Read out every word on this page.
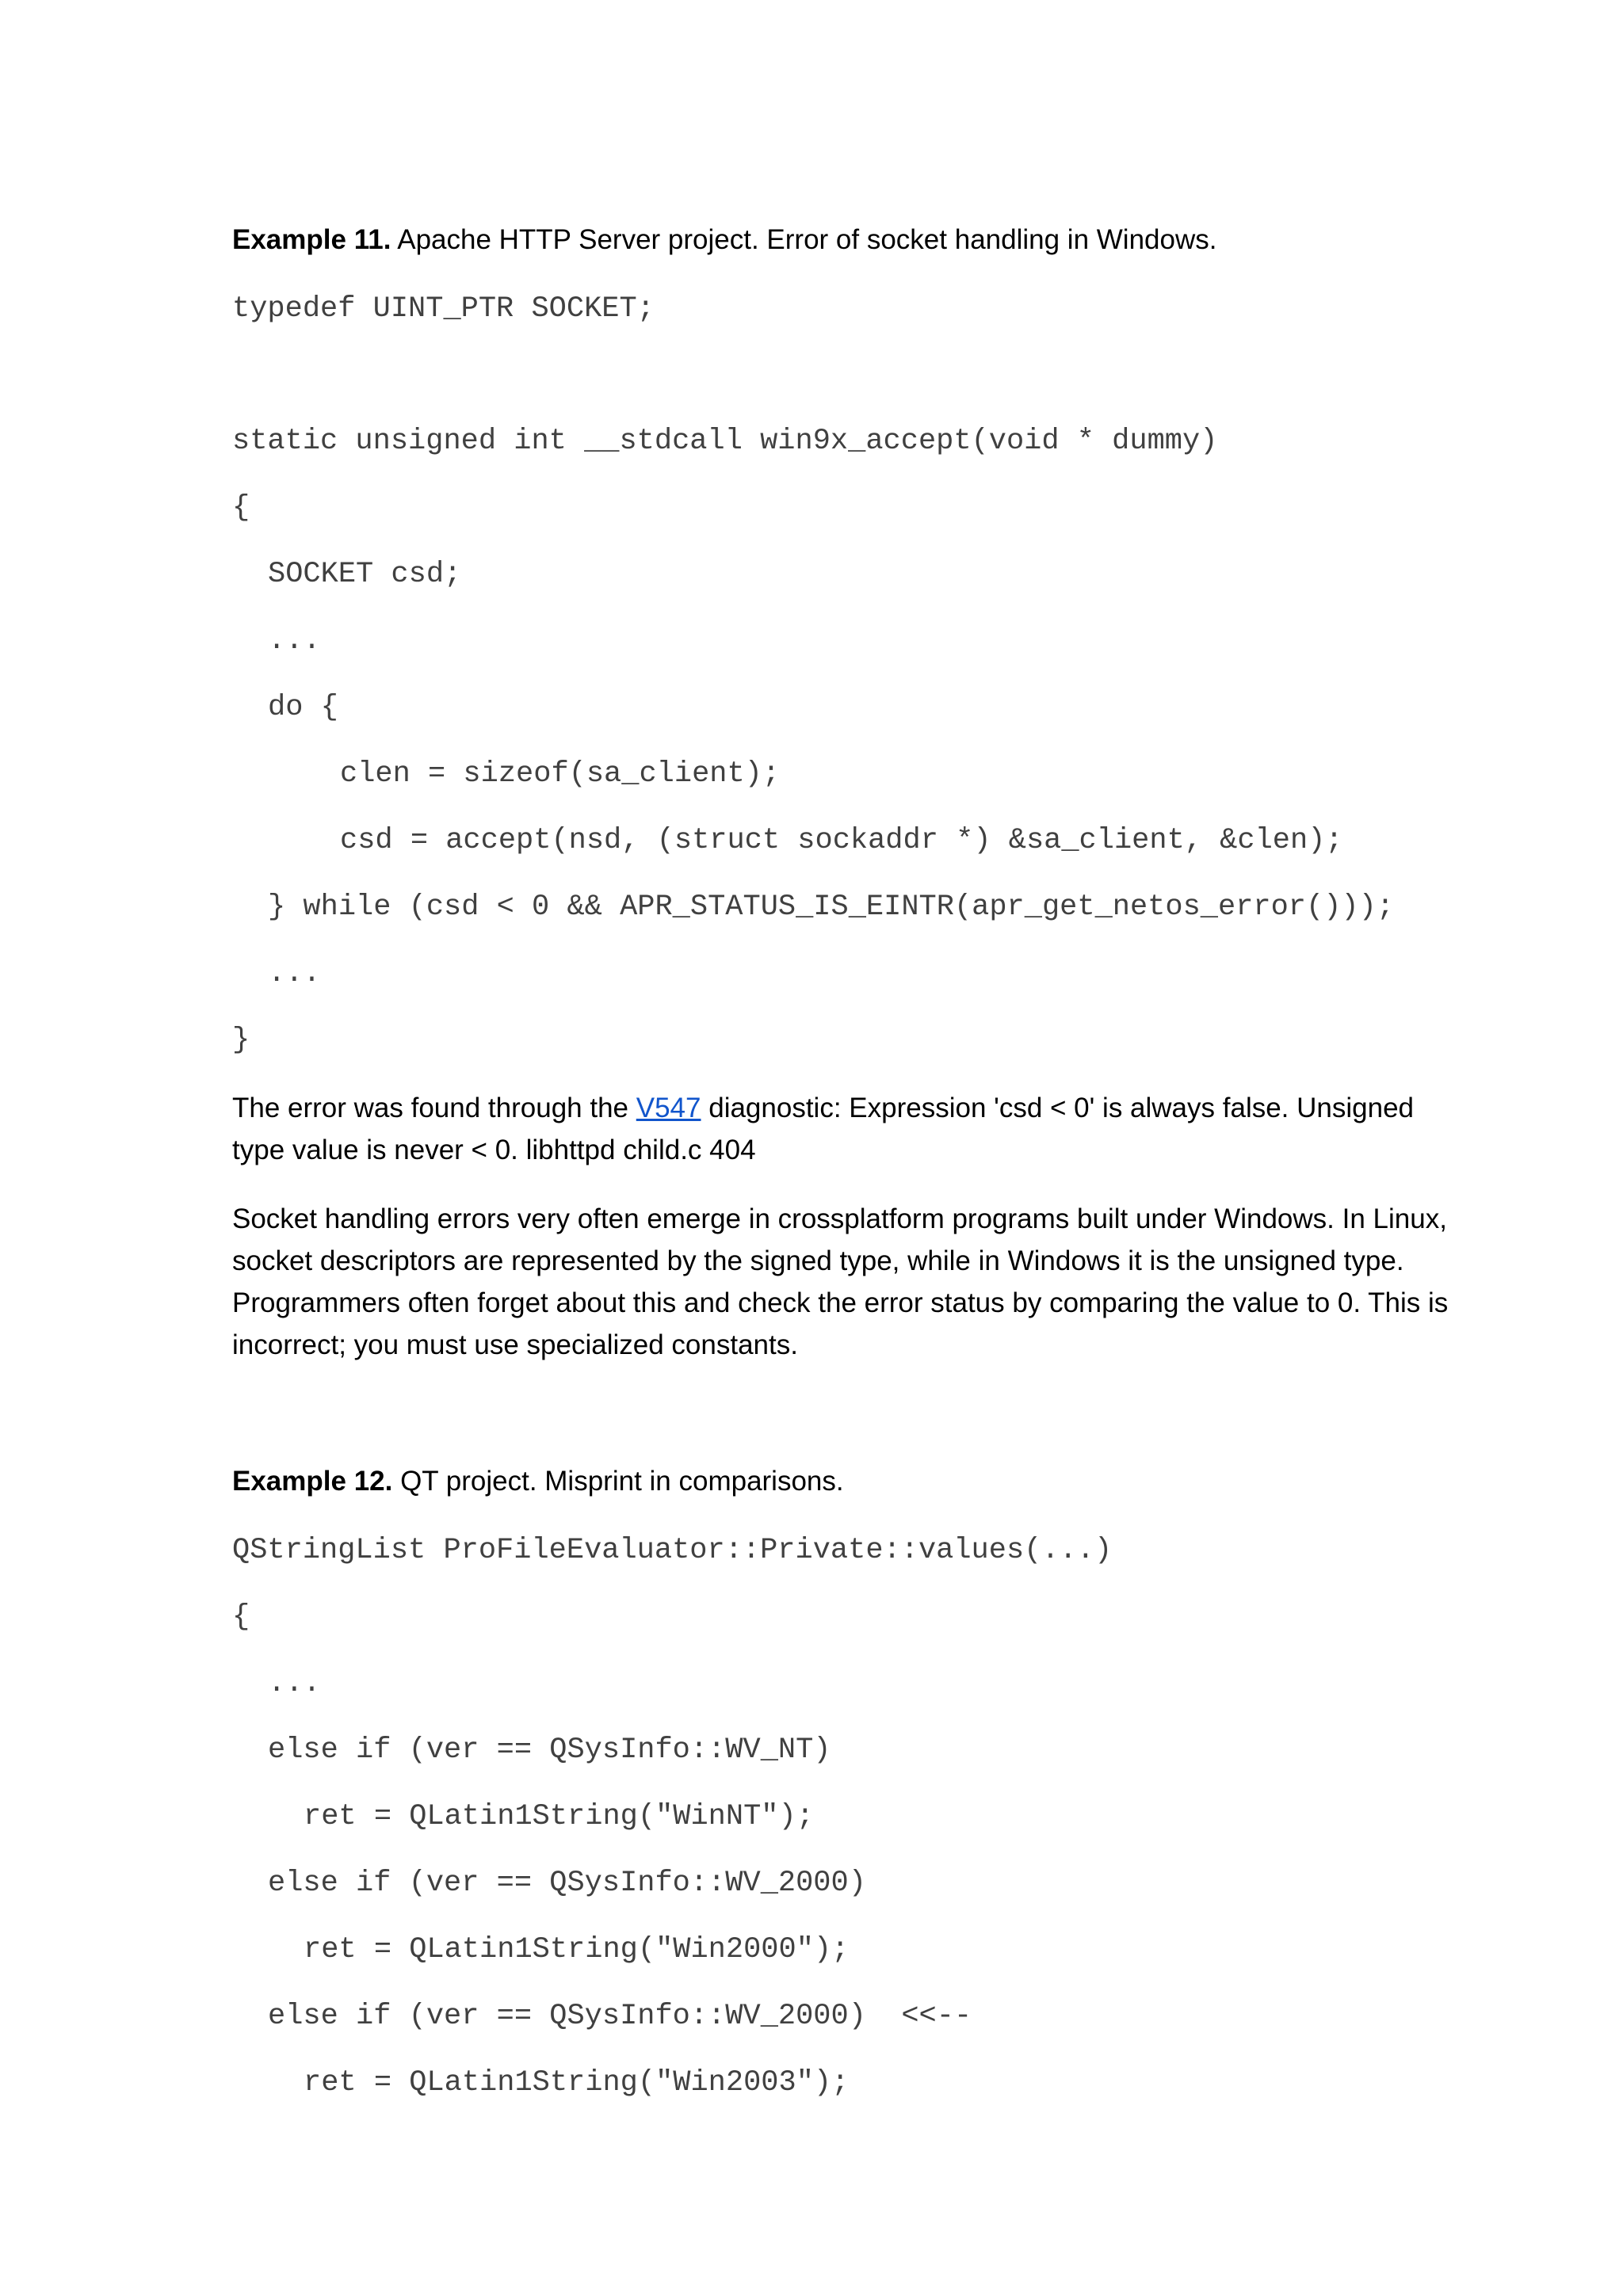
Example 11. Apache HTTP Server project. Error of socket handling in Windows.
typedef UINT_PTR SOCKET;
static unsigned int __stdcall win9x_accept(void * dummy)
{
SOCKET csd;
...
do {
clen = sizeof(sa_client);
csd = accept(nsd, (struct sockaddr *) &sa_client, &clen);
} while (csd < 0 && APR_STATUS_IS_EINTR(apr_get_netos_error()));
...
}
The error was found through the V547 diagnostic: Expression 'csd < 0' is always false. Unsigned type value is never < 0. libhttpd child.c 404
Socket handling errors very often emerge in crossplatform programs built under Windows. In Linux, socket descriptors are represented by the signed type, while in Windows it is the unsigned type. Programmers often forget about this and check the error status by comparing the value to 0. This is incorrect; you must use specialized constants.
Example 12. QT project. Misprint in comparisons.
QStringList ProFileEvaluator::Private::values(...)
{
...
else if (ver == QSysInfo::WV_NT)
ret = QLatin1String("WinNT");
else if (ver == QSysInfo::WV_2000)
ret = QLatin1String("Win2000");
else if (ver == QSysInfo::WV_2000)  <<--
ret = QLatin1String("Win2003");
